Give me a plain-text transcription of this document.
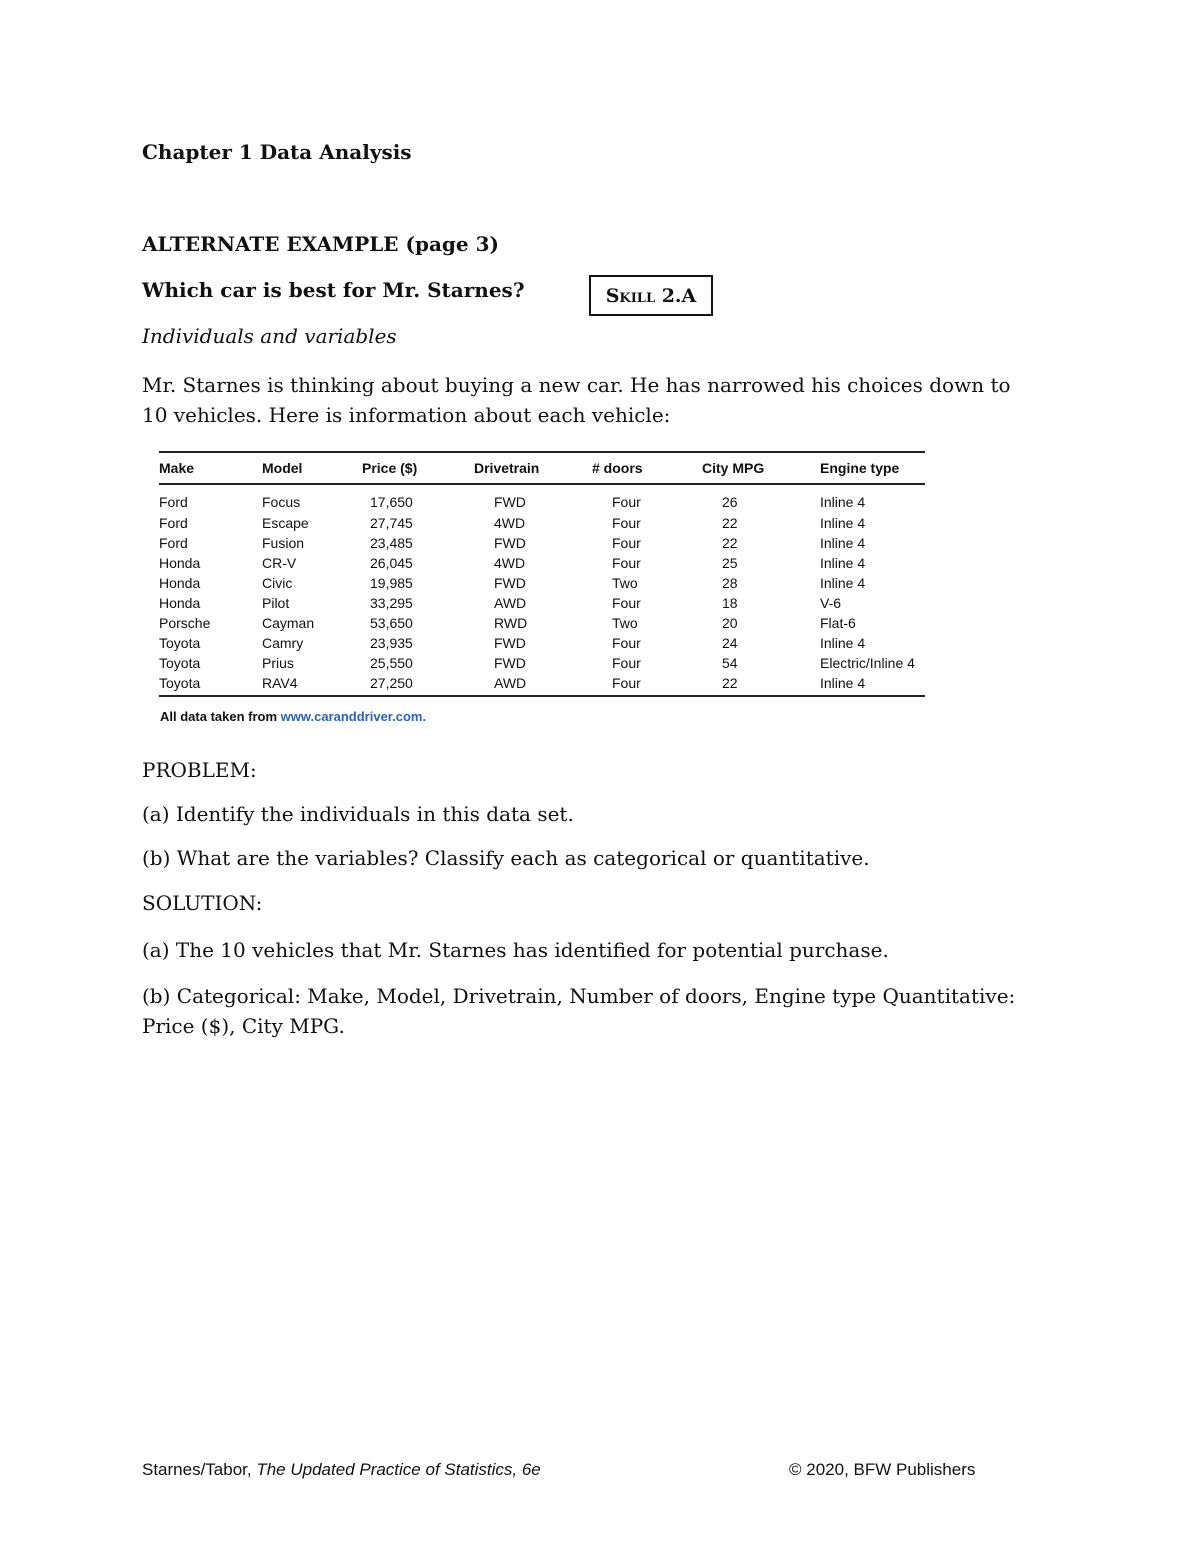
Chapter 1 Data Analysis
ALTERNATE EXAMPLE (page 3)
Which car is best for Mr. Starnes?	Skill 2.A
Individuals and variables
Mr. Starnes is thinking about buying a new car. He has narrowed his choices down to 10 vehicles. Here is information about each vehicle:
Make	Model	Price ($)	Drivetrain	# doors	City MPG	Engine type
Ford	Focus	17,650	FWD	Four	26	Inline 4
Ford	Escape	27,745	4WD	Four	22	Inline 4
Ford	Fusion	23,485	FWD	Four	22	Inline 4
Honda	CR-V	26,045	4WD	Four	25	Inline 4
Honda	Civic	19,985	FWD	Two	28	Inline 4
Honda	Pilot	33,295	AWD	Four	18	V-6
Porsche	Cayman	53,650	RWD	Two	20	Flat-6
Toyota	Camry	23,935	FWD	Four	24	Inline 4
Toyota	Prius	25,550	FWD	Four	54	Electric/Inline 4
Toyota	RAV4	27,250	AWD	Four	22	Inline 4
All data taken from www.caranddriver.com.
PROBLEM:
(a) Identify the individuals in this data set.
(b) What are the variables? Classify each as categorical or quantitative.
SOLUTION:
(a) The 10 vehicles that Mr. Starnes has identified for potential purchase.
(b) Categorical: Make, Model, Drivetrain, Number of doors, Engine type Quantitative: Price ($), City MPG.
Starnes/Tabor, The Updated Practice of Statistics, 6e	© 2020, BFW Publishers
